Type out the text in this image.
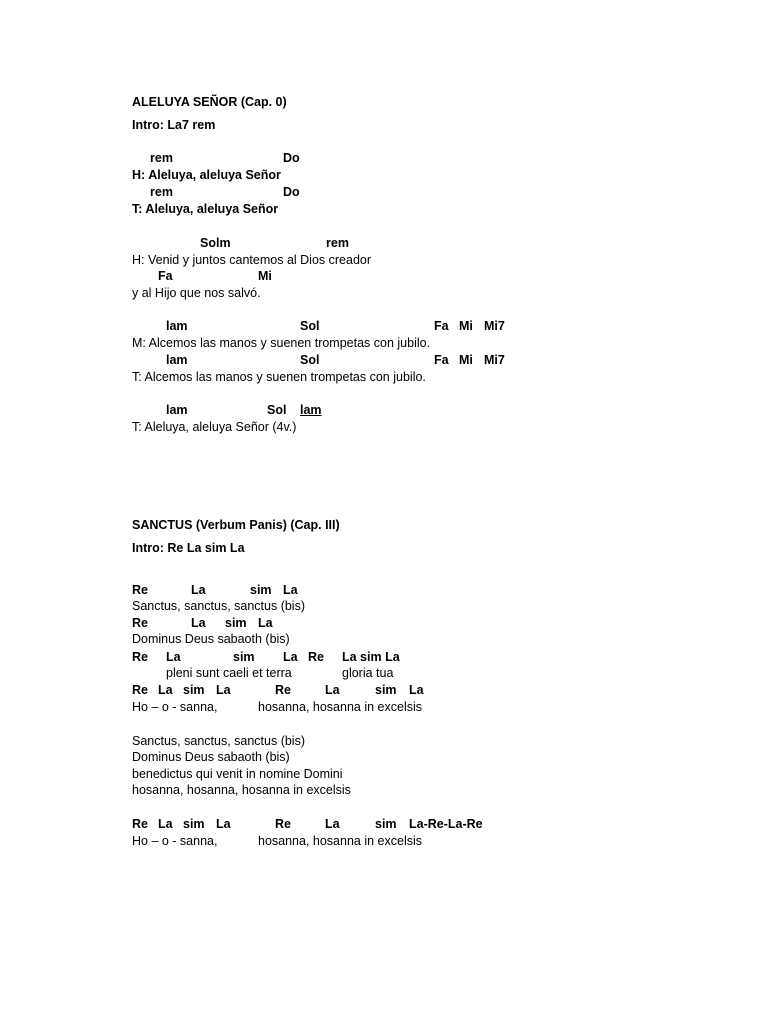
ALELUYA SEÑOR (Cap. 0)
Intro: La7 rem
rem	Do
H: Aleluya, aleluya Señor
rem	Do
T: Aleluya, aleluya Señor
Solm	rem
H: Venid y juntos cantemos al Dios creador
Fa	Mi
y al Hijo que nos salvó.
lam	Sol	Fa Mi Mi7
M: Alcemos las manos y suenen trompetas con jubilo.
lam	Sol	Fa Mi Mi7
T: Alcemos las manos y suenen trompetas con jubilo.
lam	Sol lam
T: Aleluya, aleluya Señor (4v.)
SANCTUS (Verbum Panis) (Cap. III)
Intro: Re La sim La
Re	La	sim La
Sanctus, sanctus, sanctus (bis)
Re	La sim La
Dominus Deus sabaoth (bis)
Re La	sim La Re La sim La
pleni sunt caeli et terra	gloria tua
Re La sim La	Re	La	sim La
Ho – o - sanna,	hosanna, hosanna in excelsis
Sanctus, sanctus, sanctus (bis)
Dominus Deus sabaoth (bis)
benedictus qui venit in nomine Domini
hosanna, hosanna, hosanna in excelsis
Re La sim La	Re	La	sim La-Re-La-Re
Ho – o - sanna,	hosanna, hosanna in excelsis
